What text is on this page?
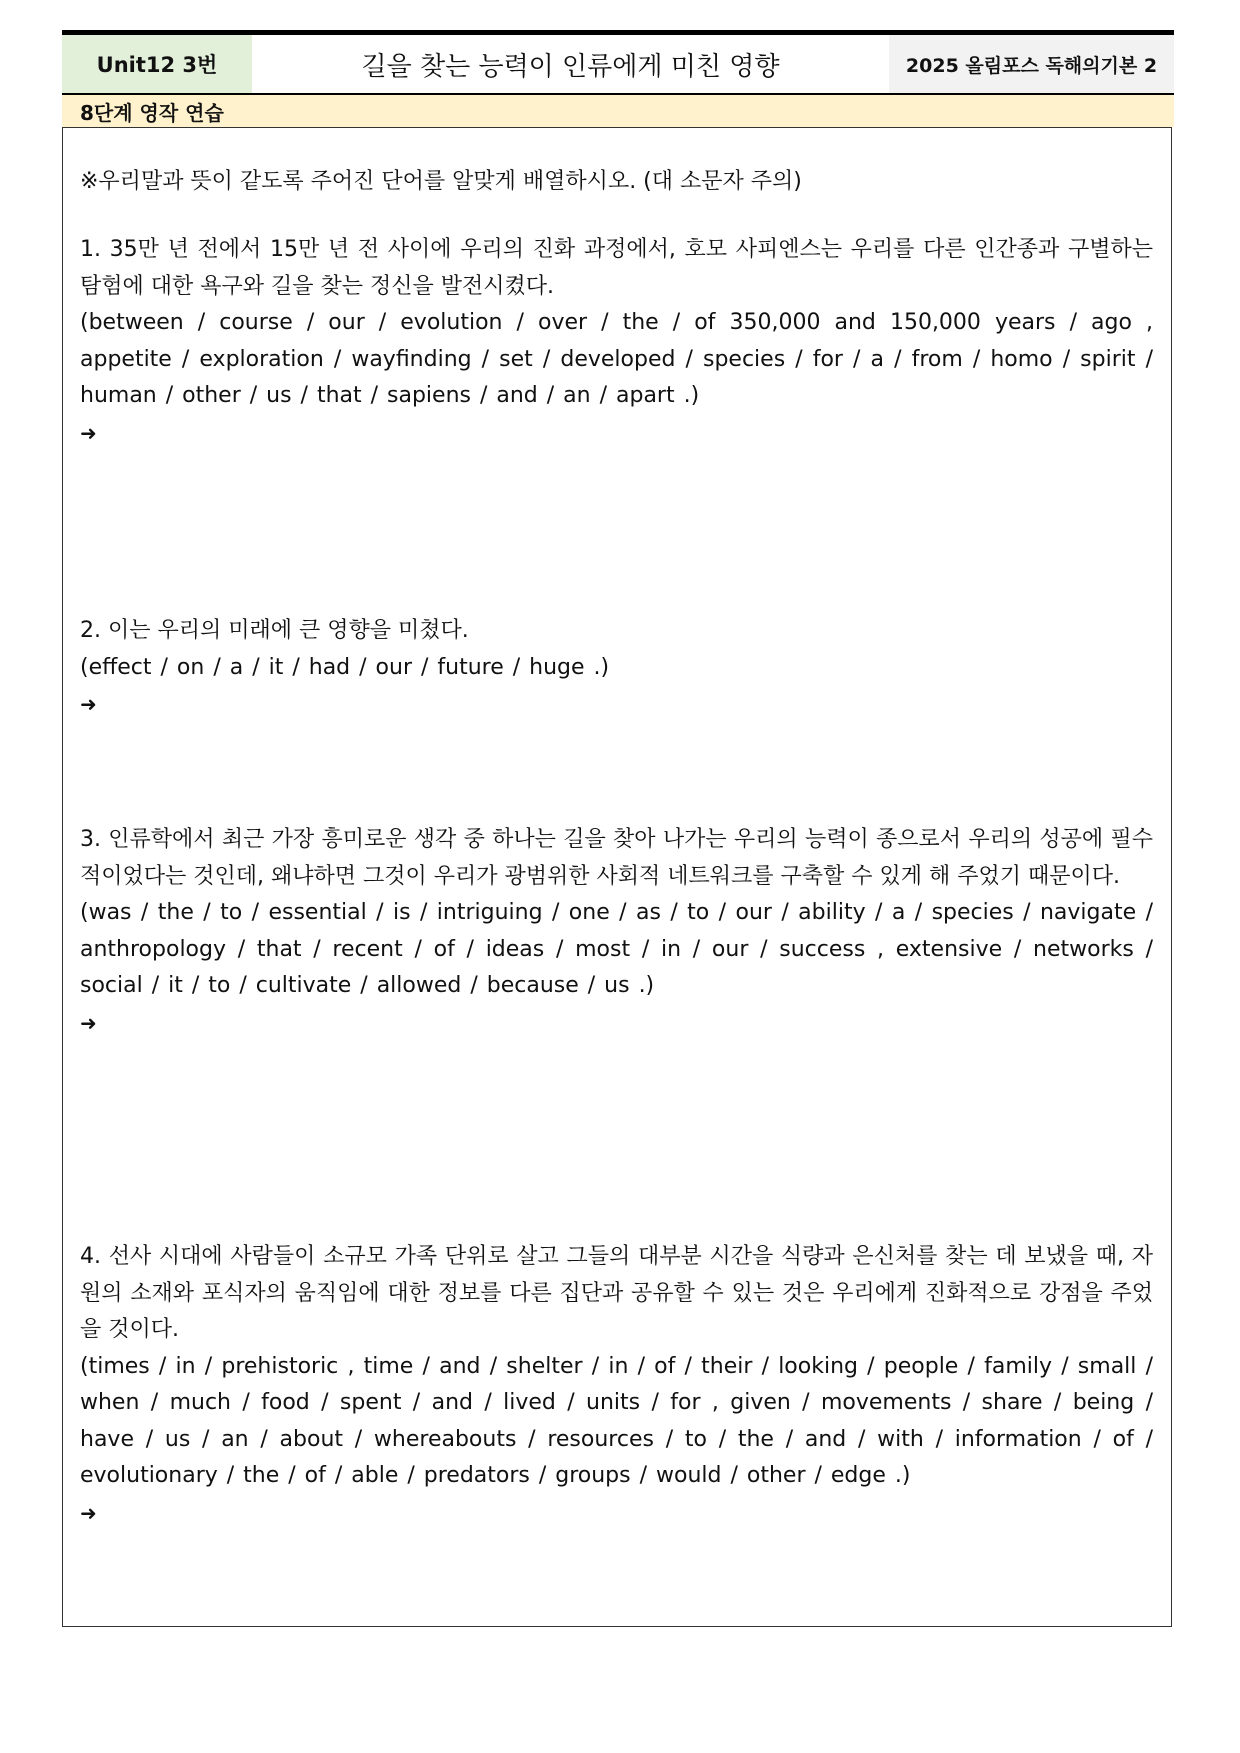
Unit12 3번	길을 찾는 능력이 인류에게 미친 영향	2025 올림포스 독해의기본 2
8단계 영작 연습
※우리말과 뜻이 같도록 주어진 단어를 알맞게 배열하시오. (대 소문자 주의)
1. 35만 년 전에서 15만 년 전 사이에 우리의 진화 과정에서, 호모 사피엔스는 우리를 다른 인간종과 구별하는 탐험에 대한 욕구와 길을 찾는 정신을 발전시켰다.
(between / course / our / evolution / over / the / of 350,000 and 150,000 years / ago , appetite / exploration / wayfinding / set / developed / species / for / a / from / homo / spirit / human / other / us / that / sapiens / and / an / apart .)
➜
2. 이는 우리의 미래에 큰 영향을 미쳤다.
(effect / on / a / it / had / our / future / huge .)
➜
3. 인류학에서 최근 가장 흥미로운 생각 중 하나는 길을 찾아 나가는 우리의 능력이 종으로서 우리의 성공에 필수적이었다는 것인데, 왜냐하면 그것이 우리가 광범위한 사회적 네트워크를 구축할 수 있게 해 주었기 때문이다.
(was / the / to / essential / is / intriguing / one / as / to / our / ability / a / species / navigate / anthropology / that / recent / of / ideas / most / in / our / success , extensive / networks / social / it / to / cultivate / allowed / because / us .)
➜
4. 선사 시대에 사람들이 소규모 가족 단위로 살고 그들의 대부분 시간을 식량과 은신처를 찾는 데 보냈을 때, 자원의 소재와 포식자의 움직임에 대한 정보를 다른 집단과 공유할 수 있는 것은 우리에게 진화적으로 강점을 주었을 것이다.
(times / in / prehistoric , time / and / shelter / in / of / their / looking / people / family / small / when / much / food / spent / and / lived / units / for , given / movements / share / being / have / us / an / about / whereabouts / resources / to / the / and / with / information / of / evolutionary / the / of / able / predators / groups / would / other / edge .)
➜
